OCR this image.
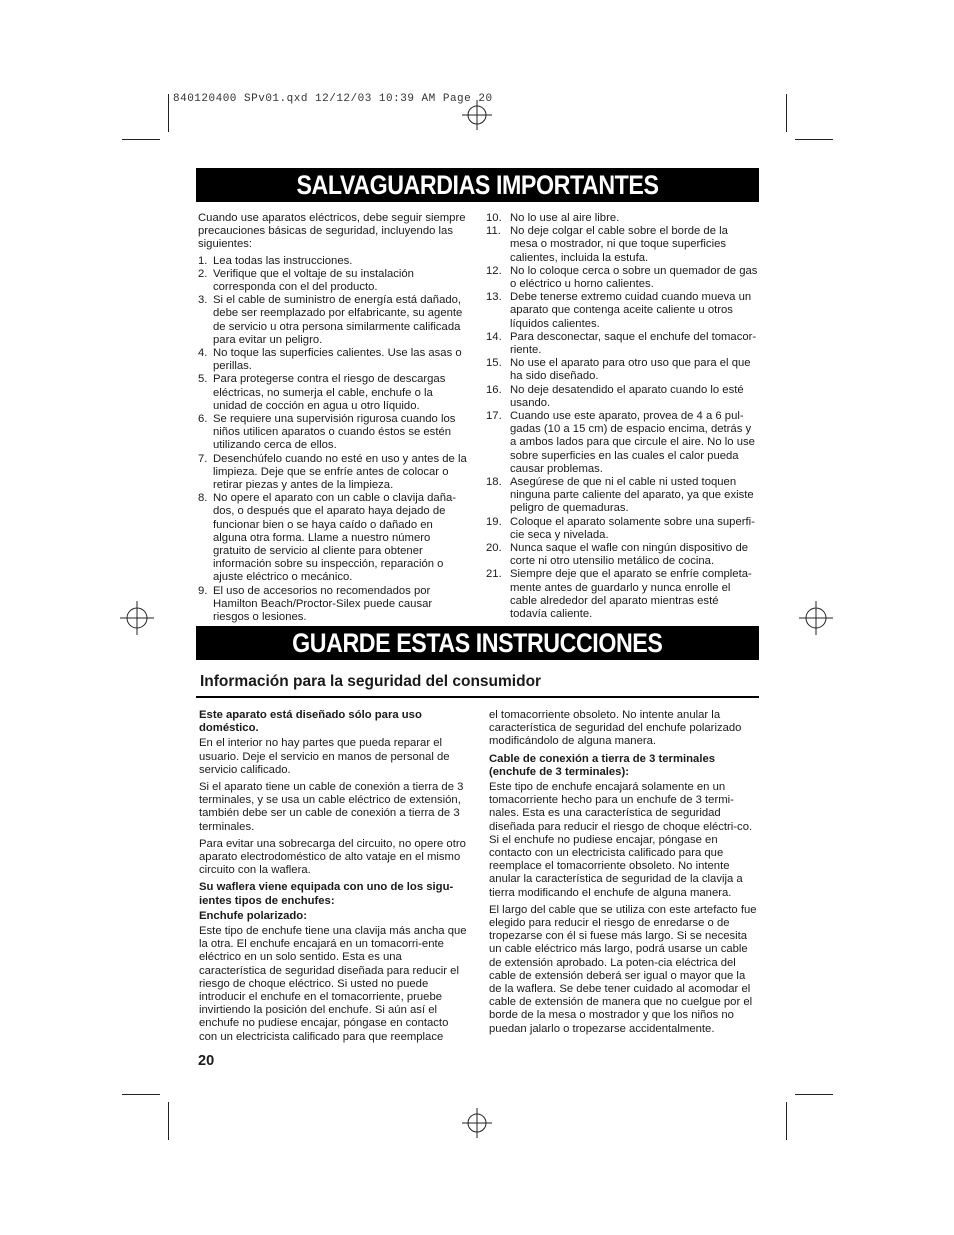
840120400 SPv01.qxd 12/12/03 10:39 AM Page 20
SALVAGUARDIAS IMPORTANTES

Cuando use aparatos eléctricos, debe seguir siempre precauciones básicas de seguridad, incluyendo las siguientes:

1. Lea todas las instrucciones.
2. Verifique que el voltaje de su instalación corresponda con el del producto.
3. Si el cable de suministro de energía está dañado, debe ser reemplazado por elfabricante, su agente de servicio u otra persona similarmente calificada para evitar un peligro.
4. No toque las superficies calientes. Use las asas o perillas.
5. Para protegerse contra el riesgo de descargas eléctricas, no sumerja el cable, enchufe o la unidad de cocción en agua u otro líquido.
6. Se requiere una supervisión rigurosa cuando los niños utilicen aparatos o cuando éstos se estén utilizando cerca de ellos.
7. Desenchúfelo cuando no esté en uso y antes de la limpieza. Deje que se enfríe antes de colocar o retirar piezas y antes de la limpieza.
8. No opere el aparato con un cable o clavija daña-dos, o después que el aparato haya dejado de funcionar bien o se haya caído o dañado en alguna otra forma. Llame a nuestro número gratuito de servicio al cliente para obtener información sobre su inspección, reparación o ajuste eléctrico o mecánico.
9. El uso de accesorios no recomendados por Hamilton Beach/Proctor-Silex puede causar riesgos o lesiones.
10. No lo use al aire libre.
11. No deje colgar el cable sobre el borde de la mesa o mostrador, ni que toque superficies calientes, incluida la estufa.
12. No lo coloque cerca o sobre un quemador de gas o eléctrico u horno calientes.
13. Debe tenerse extremo cuidad cuando mueva un aparato que contenga aceite caliente u otros líquidos calientes.
14. Para desconectar, saque el enchufe del tomacor-riente.
15. No use el aparato para otro uso que para el que ha sido diseñado.
16. No deje desatendido el aparato cuando lo esté usando.
17. Cuando use este aparato, provea de 4 a 6 pul-gadas (10 a 15 cm) de espacio encima, detrás y a ambos lados para que circule el aire. No lo use sobre superficies en las cuales el calor pueda causar problemas.
18. Asegúrese de que ni el cable ni usted toquen ninguna parte caliente del aparato, ya que existe peligro de quemaduras.
19. Coloque el aparato solamente sobre una superfi-cie seca y nivelada.
20. Nunca saque el wafle con ningún dispositivo de corte ni otro utensilio metálico de cocina.
21. Siempre deje que el aparato se enfríe completa-mente antes de guardarlo y nunca enrolle el cable alrededor del aparato mientras esté todavía caliente.
GUARDE ESTAS INSTRUCCIONES
Información para la seguridad del consumidor

Este aparato está diseñado sólo para uso doméstico.

En el interior no hay partes que pueda reparar el usuario. Deje el servicio en manos de personal de servicio calificado.

Si el aparato tiene un cable de conexión a tierra de 3 terminales, y se usa un cable eléctrico de extensión, también debe ser un cable de conexión a tierra de 3 terminales.

Para evitar una sobrecarga del circuito, no opere otro aparato electrodoméstico de alto vataje en el mismo circuito con la waflera.

Su waflera viene equipada con uno de los sigu-ientes tipos de enchufes:

Enchufe polarizado:

Este tipo de enchufe tiene una clavija más ancha que la otra. El enchufe encajará en un tomacorri-ente eléctrico en un solo sentido. Esta es una característica de seguridad diseñada para reducir el riesgo de choque eléctrico. Si usted no puede introducir el enchufe en el tomacorriente, pruebe invirtiendo la posición del enchufe. Si aún así el enchufe no pudiese encajar, póngase en contacto con un electricista calificado para que reemplace

el tomacorriente obsoleto. No intente anular la característica de seguridad del enchufe polarizado modificándolo de alguna manera.

Cable de conexión a tierra de 3 terminales (enchufe de 3 terminales):

Este tipo de enchufe encajará solamente en un tomacorriente hecho para un enchufe de 3 termi-nales. Esta es una característica de seguridad diseñada para reducir el riesgo de choque eléctri-co. Si el enchufe no pudiese encajar, póngase en contacto con un electricista calificado para que reemplace el tomacorriente obsoleto. No intente anular la característica de seguridad de la clavija a tierra modificando el enchufe de alguna manera.

El largo del cable que se utiliza con este artefacto fue elegido para reducir el riesgo de enredarse o de tropezarse con él si fuese más largo. Si se necesita un cable eléctrico más largo, podrá usarse un cable de extensión aprobado. La poten-cia eléctrica del cable de extensión deberá ser igual o mayor que la de la waflera. Se debe tener cuidado al acomodar el cable de extensión de manera que no cuelgue por el borde de la mesa o mostrador y que los niños no puedan jalarlo o tropezarse accidentalmente.

20
